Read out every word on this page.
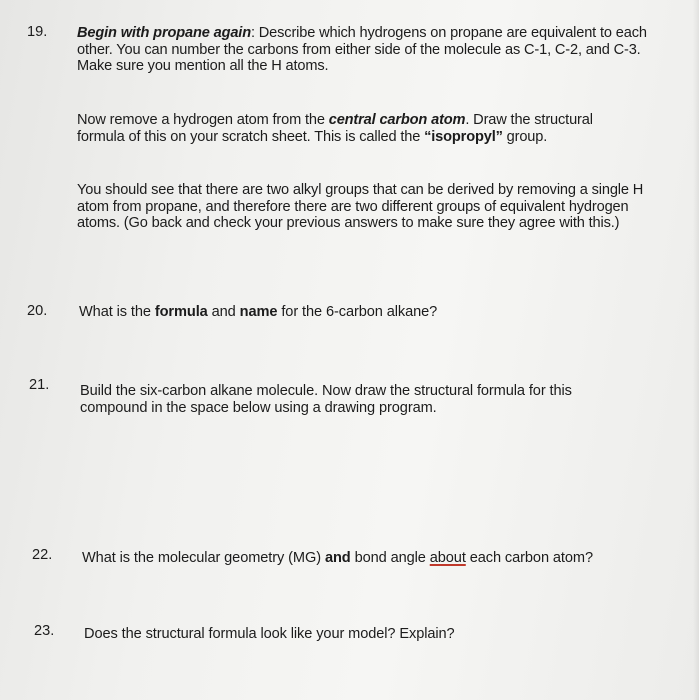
19. Begin with propane again: Describe which hydrogens on propane are equivalent to each other. You can number the carbons from either side of the molecule as C-1, C-2, and C-3. Make sure you mention all the H atoms.
Now remove a hydrogen atom from the central carbon atom. Draw the structural formula of this on your scratch sheet. This is called the “isopropyl” group.
You should see that there are two alkyl groups that can be derived by removing a single H atom from propane, and therefore there are two different groups of equivalent hydrogen atoms. (Go back and check your previous answers to make sure they agree with this.)
20. What is the formula and name for the 6-carbon alkane?
21. Build the six-carbon alkane molecule. Now draw the structural formula for this
compound in the space below using a drawing program.
22. What is the molecular geometry (MG) and bond angle about each carbon atom?
23. Does the structural formula look like your model? Explain?
